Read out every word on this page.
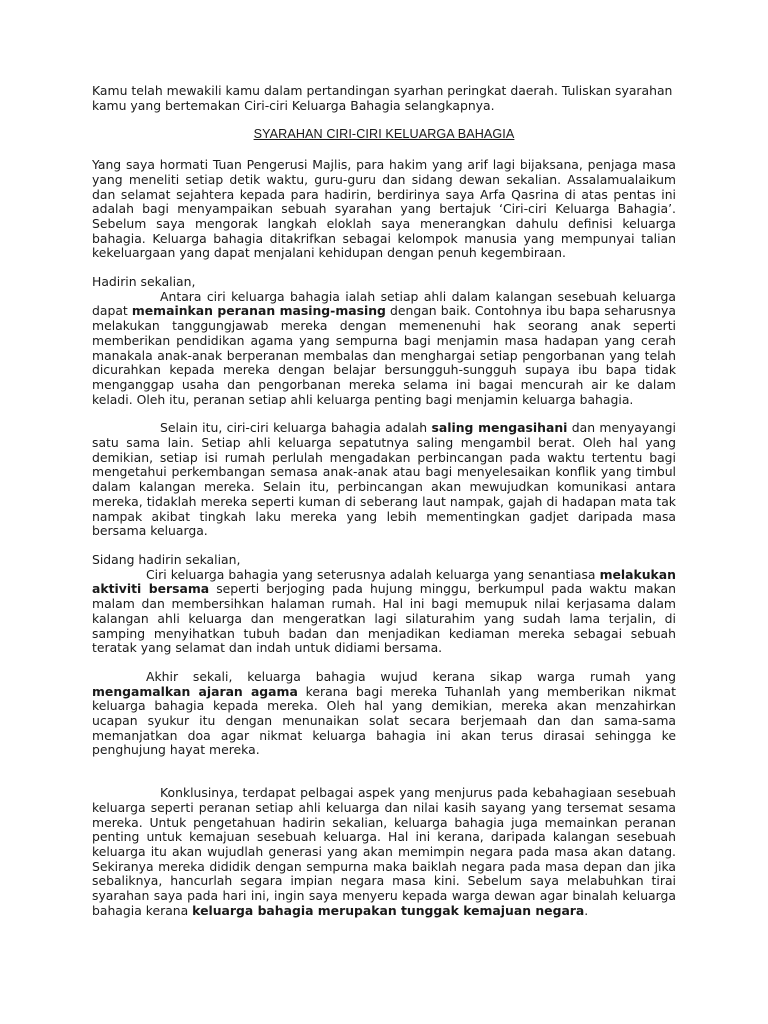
Kamu telah mewakili kamu dalam pertandingan syarhan peringkat daerah. Tuliskan syarahan kamu yang bertemakan Ciri-ciri Keluarga Bahagia selangkapnya.

SYARAHAN CIRI-CIRI KELUARGA BAHAGIA

Yang saya hormati Tuan Pengerusi Majlis, para hakim yang arif lagi bijaksana, penjaga masa yang meneliti setiap detik waktu, guru-guru dan sidang dewan sekalian. Assalamualaikum dan selamat sejahtera kepada para hadirin, berdirinya saya Arfa Qasrina di atas pentas ini adalah bagi menyampaikan sebuah syarahan yang bertajuk ‘Ciri-ciri Keluarga Bahagia’. Sebelum saya mengorak langkah eloklah saya menerangkan dahulu definisi keluarga bahagia. Keluarga bahagia ditakrifkan sebagai kelompok manusia yang mempunyai talian kekeluargaan yang dapat menjalani kehidupan dengan penuh kegembiraan.

Hadirin sekalian,
Antara ciri keluarga bahagia ialah setiap ahli dalam kalangan sesebuah keluarga dapat memainkan peranan masing-masing dengan baik. Contohnya ibu bapa seharusnya melakukan tanggungjawab mereka dengan memenenuhi hak seorang anak seperti memberikan pendidikan agama yang sempurna bagi menjamin masa hadapan yang cerah manakala anak-anak berperanan membalas dan menghargai setiap pengorbanan yang telah dicurahkan kepada mereka dengan belajar bersungguh-sungguh supaya ibu bapa tidak menganggap usaha dan pengorbanan mereka selama ini bagai mencurah air ke dalam keladi. Oleh itu, peranan setiap ahli keluarga penting bagi menjamin keluarga bahagia.
Selain itu, ciri-ciri keluarga bahagia adalah saling mengasihani dan menyayangi satu sama lain. Setiap ahli keluarga sepatutnya saling mengambil berat. Oleh hal yang demikian, setiap isi rumah perlulah mengadakan perbincangan pada waktu tertentu bagi mengetahui perkembangan semasa anak-anak atau bagi menyelesaikan konflik yang timbul dalam kalangan mereka. Selain itu, perbincangan akan mewujudkan komunikasi antara mereka, tidaklah mereka seperti kuman di seberang laut nampak, gajah di hadapan mata tak nampak akibat tingkah laku mereka yang lebih mementingkan gadjet daripada masa bersama keluarga.
Sidang hadirin sekalian,
Ciri keluarga bahagia yang seterusnya adalah keluarga yang senantiasa melakukan aktiviti bersama seperti berjoging pada hujung minggu, berkumpul pada waktu makan malam dan membersihkan halaman rumah. Hal ini bagi memupuk nilai kerjasama dalam kalangan ahli keluarga dan mengeratkan lagi silaturahim yang sudah lama terjalin, di samping menyihatkan tubuh badan dan menjadikan kediaman mereka sebagai sebuah teratak yang selamat dan indah untuk didiami bersama.
Akhir sekali, keluarga bahagia wujud kerana sikap warga rumah yang mengamalkan ajaran agama kerana bagi mereka Tuhanlah yang memberikan nikmat keluarga bahagia kepada mereka. Oleh hal yang demikian, mereka akan menzahirkan ucapan syukur itu dengan menunaikan solat secara berjemaah dan dan sama-sama memanjatkan doa agar nikmat keluarga bahagia ini akan terus dirasai sehingga ke penghujung hayat mereka.
Konklusinya, terdapat pelbagai aspek yang menjurus pada kebahagiaan sesebuah keluarga seperti peranan setiap ahli keluarga dan nilai kasih sayang yang tersemat sesama mereka. Untuk pengetahuan hadirin sekalian, keluarga bahagia juga memainkan peranan penting untuk kemajuan sesebuah keluarga. Hal ini kerana, daripada kalangan sesebuah keluarga itu akan wujudlah generasi yang akan memimpin negara pada masa akan datang. Sekiranya mereka dididik dengan sempurna maka baiklah negara pada masa depan dan jika sebaliknya, hancurlah segara impian negara masa kini. Sebelum saya melabuhkan tirai syarahan saya pada hari ini, ingin saya menyeru kepada warga dewan agar binalah keluarga bahagia kerana keluarga bahagia merupakan tunggak kemajuan negara.
